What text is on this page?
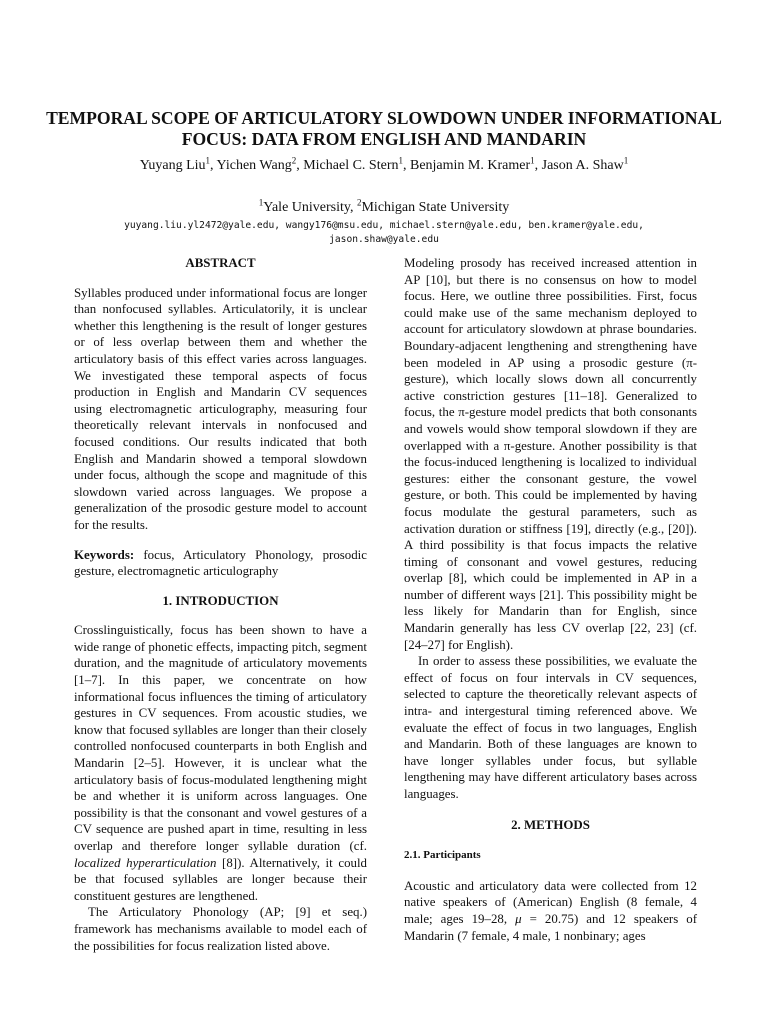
TEMPORAL SCOPE OF ARTICULATORY SLOWDOWN UNDER INFORMATIONAL FOCUS: DATA FROM ENGLISH AND MANDARIN
Yuyang Liu$^1$, Yichen Wang$^2$, Michael C. Stern$^1$, Benjamin M. Kramer$^1$, Jason A. Shaw$^1$
$^1$Yale University, $^2$Michigan State University
yuyang.liu.yl2472@yale.edu, wangy176@msu.edu, michael.stern@yale.edu, ben.kramer@yale.edu,
jason.shaw@yale.edu

ABSTRACT

Syllables produced under informational focus are longer than nonfocused syllables. Articulatorily, it is unclear whether this lengthening is the result of longer gestures or of less overlap between them and whether the articulatory basis of this effect varies across languages. We investigated these temporal aspects of focus production in English and Mandarin CV sequences using electromagnetic articulography, measuring four theoretically relevant intervals in nonfocused and focused conditions. Our results indicated that both English and Mandarin showed a temporal slowdown under focus, although the scope and magnitude of this slowdown varied across languages. We propose a generalization of the prosodic gesture model to account for the results.

Keywords: focus, Articulatory Phonology, prosodic gesture, electromagnetic articulography

1. INTRODUCTION

Crosslinguistically, focus has been shown to have a wide range of phonetic effects, impacting pitch, segment duration, and the magnitude of articulatory movements [1–7]. In this paper, we concentrate on how informational focus influences the timing of articulatory gestures in CV sequences. From acoustic studies, we know that focused syllables are longer than their closely controlled nonfocused counterparts in both English and Mandarin [2–5]. However, it is unclear what the articulatory basis of focus-modulated lengthening might be and whether it is uniform across languages. One possibility is that the consonant and vowel gestures of a CV sequence are pushed apart in time, resulting in less overlap and therefore longer syllable duration (cf. localized hyperarticulation [8]). Alternatively, it could be that focused syllables are longer because their constituent gestures are lengthened.

The Articulatory Phonology (AP; [9] et seq.) framework has mechanisms available to model each of the possibilities for focus realization listed above.

Modeling prosody has received increased attention in AP [10], but there is no consensus on how to model focus. Here, we outline three possibilities. First, focus could make use of the same mechanism deployed to account for articulatory slowdown at phrase boundaries. Boundary-adjacent lengthening and strengthening have been modeled in AP using a prosodic gesture (π-gesture), which locally slows down all concurrently active constriction gestures [11–18]. Generalized to focus, the π-gesture model predicts that both consonants and vowels would show temporal slowdown if they are overlapped with a π-gesture. Another possibility is that the focus-induced lengthening is localized to individual gestures: either the consonant gesture, the vowel gesture, or both. This could be implemented by having focus modulate the gestural parameters, such as activation duration or stiffness [19], directly (e.g., [20]). A third possibility is that focus impacts the relative timing of consonant and vowel gestures, reducing overlap [8], which could be implemented in AP in a number of different ways [21]. This possibility might be less likely for Mandarin than for English, since Mandarin generally has less CV overlap [22, 23] (cf. [24–27] for English).

In order to assess these possibilities, we evaluate the effect of focus on four intervals in CV sequences, selected to capture the theoretically relevant aspects of intra- and intergestural timing referenced above. We evaluate the effect of focus in two languages, English and Mandarin. Both of these languages are known to have longer syllables under focus, but syllable lengthening may have different articulatory bases across languages.

2. METHODS

2.1. Participants

Acoustic and articulatory data were collected from 12 native speakers of (American) English (8 female, 4 male; ages 19–28, μ = 20.75) and 12 speakers of Mandarin (7 female, 4 male, 1 nonbinary; ages
